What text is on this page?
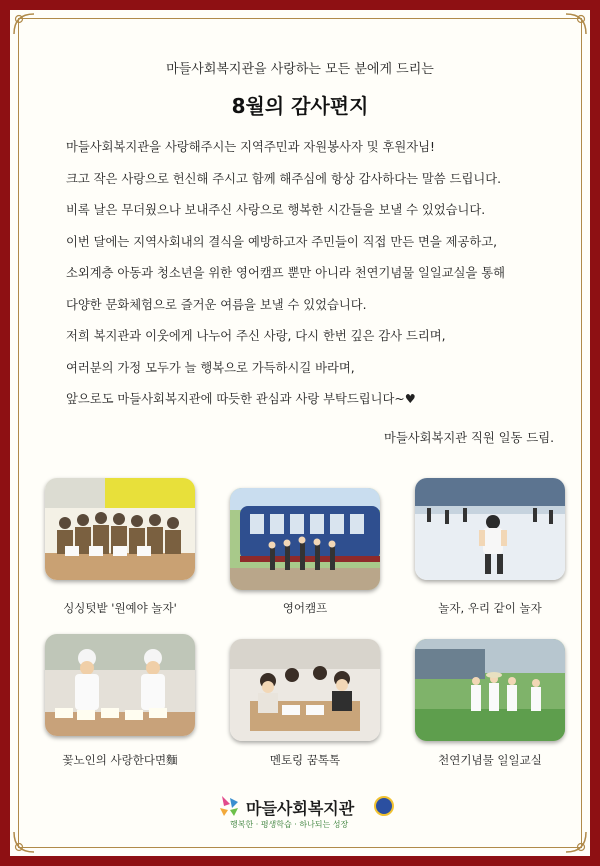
마들사회복지관을 사랑하는 모든 분에게 드리는
8월의 감사편지

마들사회복지관을 사랑해주시는 지역주민과 자원봉사자 및 후원자님!

크고 작은 사랑으로 헌신해 주시고 함께 해주심에 항상 감사하다는 말씀 드립니다.

비록 날은 무더웠으나 보내주신 사랑으로 행복한 시간들을 보낼 수 있었습니다.

이번 달에는 지역사회내의 결식을 예방하고자 주민들이 직접 만든 면을 제공하고,

소외계층 아동과 청소년을 위한 영어캠프 뿐만 아니라 천연기념물 일일교실을 통해

다양한 문화체험으로 즐거운 여름을 보낼 수 있었습니다.

저희 복지관과 이웃에게 나누어 주신 사랑, 다시 한번 깊은 감사 드리며,

여러분의 가정 모두가 늘 행복으로 가득하시길 바라며,

앞으로도 마들사회복지관에 따듯한 관심과 사랑 부탁드립니다~♥

마들사회복지관 직원 일동 드림.
싱싱텃밭 '원예야 놀자'	영어캠프	놀자, 우리 같이 놀자
꽃노인의 사랑한다면麵	멘토링 꿈톡톡	천연기념물 일일교실
마들사회복지관
행복한 · 평생학습 · 하나되는 성장
